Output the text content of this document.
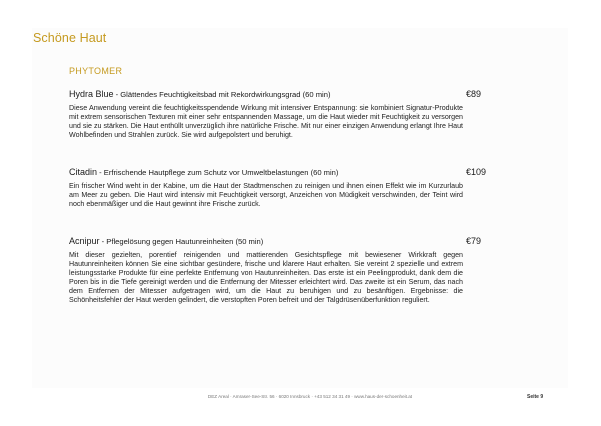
Schöne Haut
PHYTOMER
Hydra Blue - Glättendes Feuchtigkeitsbad mit Rekordwirkungsgrad (60 min)	€89
Diese Anwendung vereint die feuchtigkeitsspendende Wirkung mit intensiver Entspannung: sie kombiniert Signatur-Produkte mit extrem sensorischen Texturen mit einer sehr entspannenden Massage, um die Haut wieder mit Feuchtigkeit zu versorgen und sie zu stärken. Die Haut enthüllt unverzüglich ihre natürliche Frische. Mit nur einer einzigen Anwendung erlangt Ihre Haut Wohlbefinden und Strahlen zurück. Sie wird aufgepolstert und beruhigt.
Citadin - Erfrischende Hautpflege zum Schutz vor Umweltbelastungen (60 min)	€109
Ein frischer Wind weht in der Kabine, um die Haut der Stadtmenschen zu reinigen und ihnen einen Effekt wie im Kurzurlaub am Meer zu geben. Die Haut wird intensiv mit Feuchtigkeit versorgt, Anzeichen von Müdigkeit verschwinden, der Teint wird noch ebenmäßiger und die Haut gewinnt ihre Frische zurück.
Acnipur - Pflegelösung gegen Hautunreinheiten (50 min)	€79
Mit dieser gezielten, porentief reinigenden und mattierenden Gesichtspflege mit bewiesener Wirkkraft gegen Hautunreinheiten können Sie eine sichtbar gesündere, frische und klarere Haut erhalten. Sie vereint 2 spezielle und extrem leistungsstarke Produkte für eine perfekte Entfernung von Hautunreinheiten. Das erste ist ein Peelingprodukt, dank dem die Poren bis in die Tiefe gereinigt werden und die Entfernung der Mitesser erleichtert wird. Das zweite ist ein Serum, das nach dem Entfernen der Mitesser aufgetragen wird, um die Haut zu beruhigen und zu besänftigen. Ergebnisse: die Schönheitsfehler der Haut werden gelindert, die verstopften Poren befreit und der Talgdrüsenüberfunktion reguliert.
DEZ Areal · Amraser-See-Str. 56 · 6020 Innsbruck · +43 512 34 31 49 · www.haus-der-schoenheit.at	Seite 9
